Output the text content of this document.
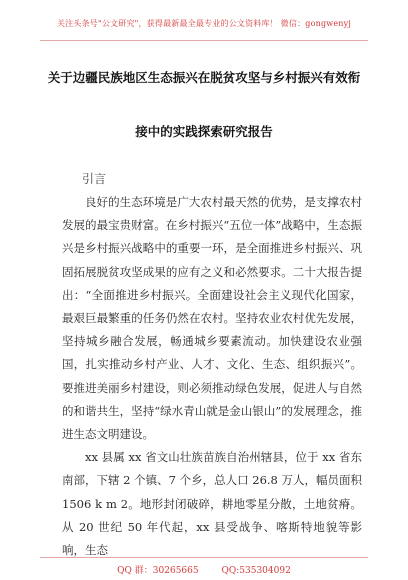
关注头条号"公文研究"，获得最新最全最专业的公文资料库！ 微信：gongwenyj
关于边疆民族地区生态振兴在脱贫攻坚与乡村振兴有效衔
接中的实践探索研究报告
引言

良好的生态环境是广大农村最天然的优势，是支撑农村发展的最宝贵财富。在乡村振兴“五位一体”战略中，生态振兴是乡村振兴战略中的重要一环，是全面推进乡村振兴、巩固拓展脱贫攻坚成果的应有之义和必然要求。二十大报告提出：“全面推进乡村振兴。全面建设社会主义现代化国家，最艰巨最繁重的任务仍然在农村。坚持农业农村优先发展，坚持城乡融合发展，畅通城乡要素流动。加快建设农业强国，扎实推动乡村产业、人才、文化、生态、组织振兴”。要推进美丽乡村建设，则必须推动绿色发展，促进人与自然的和谐共生，坚持“绿水青山就是金山银山”的发展理念，推进生态文明建设。

xx 县属 xx 省文山壮族苗族自治州辖县，位于 xx 省东南部，下辖 2 个镇、7 个乡，总人口 26.8 万人，幅员面积 1506 k m 2。地形封闭破碎，耕地零星分散，土地贫瘠。从 20 世纪 50 年代起，xx 县受战争、喀斯特地貌等影响，生态

QQ 群：30265665	QQ:535304092
